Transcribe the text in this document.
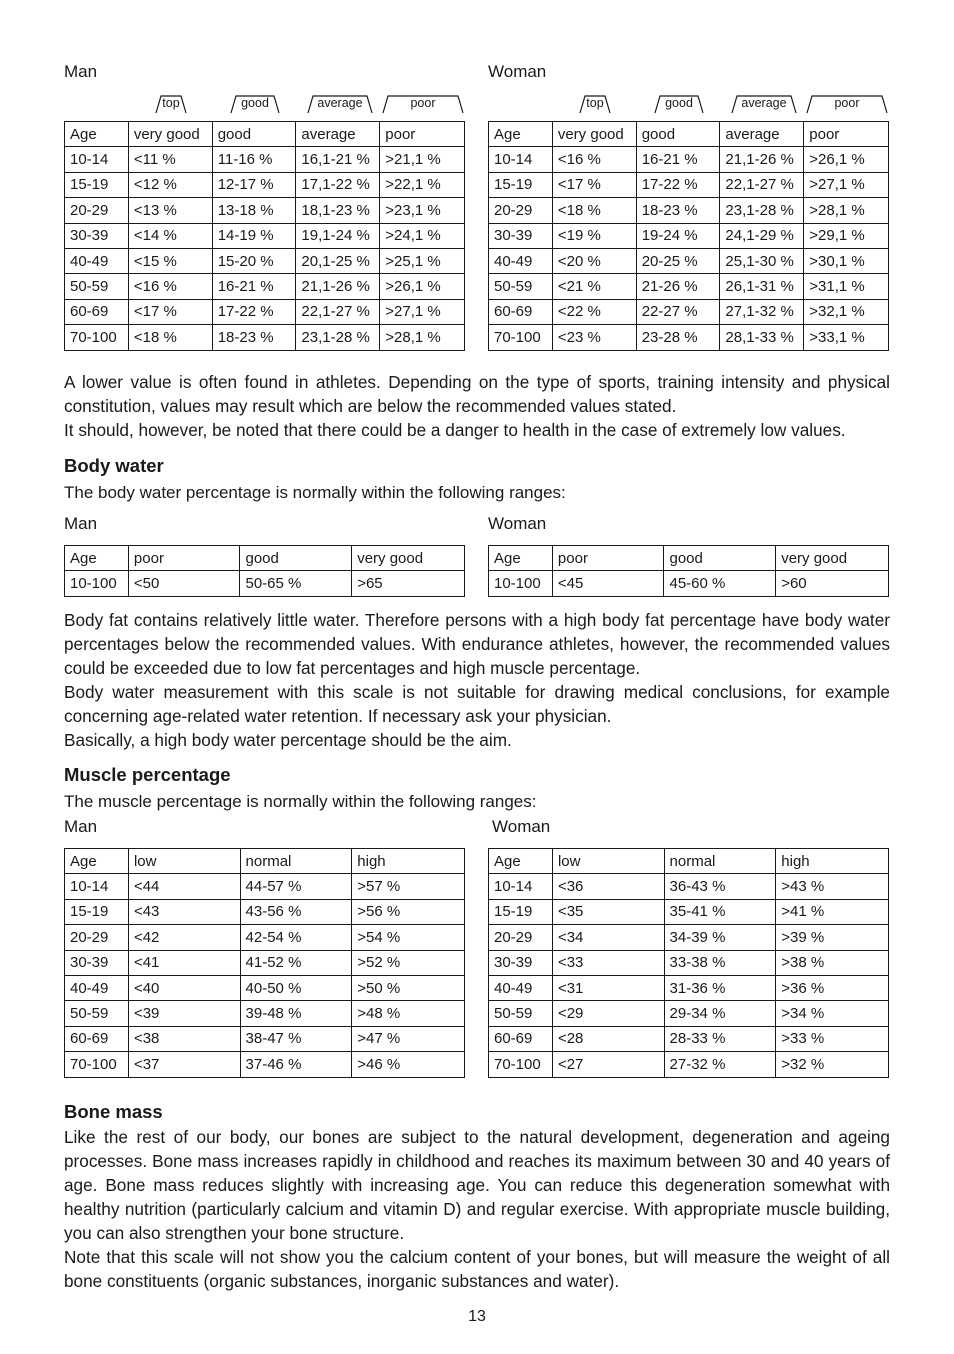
Man	Woman
top	good	average	poor	top	good	average	poor
Age	very good	good	average	poor
10-14	<11 %	11-16 %	16,1-21 %	>21,1 %
15-19	<12 %	12-17 %	17,1-22 %	>22,1 %
20-29	<13 %	13-18 %	18,1-23 %	>23,1 %
30-39	<14 %	14-19 %	19,1-24 %	>24,1 %
40-49	<15 %	15-20 %	20,1-25 %	>25,1 %
50-59	<16 %	16-21 %	21,1-26 %	>26,1 %
60-69	<17 %	17-22 %	22,1-27 %	>27,1 %
70-100	<18 %	18-23 %	23,1-28 %	>28,1 %
Age	very good	good	average	poor
10-14	<16 %	16-21 %	21,1-26 %	>26,1 %
15-19	<17 %	17-22 %	22,1-27 %	>27,1 %
20-29	<18 %	18-23 %	23,1-28 %	>28,1 %
30-39	<19 %	19-24 %	24,1-29 %	>29,1 %
40-49	<20 %	20-25 %	25,1-30 %	>30,1 %
50-59	<21 %	21-26 %	26,1-31 %	>31,1 %
60-69	<22 %	22-27 %	27,1-32 %	>32,1 %
70-100	<23 %	23-28 %	28,1-33 %	>33,1 %

A lower value is often found in athletes. Depending on the type of sports, training intensity and physical constitution, values may result which are below the recommended values stated.

It should, however, be noted that there could be a danger to health in the case of extremely low values.

Body water
The body water percentage is normally within the following ranges:
Man	Woman
Age	poor	good	very good
10-100	<50	50-65 %	>65
Age	poor	good	very good
10-100	<45	45-60 %	>60

Body fat contains relatively little water. Therefore persons with a high body fat percentage have body water percentages below the recommended values. With endurance athletes, however, the recommended values could be exceeded due to low fat percentages and high muscle percentage.

Body water measurement with this scale is not suitable for drawing medical conclusions, for example concerning age-related water retention. If necessary ask your physician.

Basically, a high body water percentage should be the aim.

Muscle percentage
The muscle percentage is normally within the following ranges:
Man	Woman
Age	low	normal	high
10-14	<44	44-57 %	>57 %
15-19	<43	43-56 %	>56 %
20-29	<42	42-54 %	>54 %
30-39	<41	41-52 %	>52 %
40-49	<40	40-50 %	>50 %
50-59	<39	39-48 %	>48 %
60-69	<38	38-47 %	>47 %
70-100	<37	37-46 %	>46 %
Age	low	normal	high
10-14	<36	36-43 %	>43 %
15-19	<35	35-41 %	>41 %
20-29	<34	34-39 %	>39 %
30-39	<33	33-38 %	>38 %
40-49	<31	31-36 %	>36 %
50-59	<29	29-34 %	>34 %
60-69	<28	28-33 %	>33 %
70-100	<27	27-32 %	>32 %
Bone mass

Like the rest of our body, our bones are subject to the natural development, degeneration and ageing processes. Bone mass increases rapidly in childhood and reaches its maximum between 30 and 40 years of age. Bone mass reduces slightly with increasing age. You can reduce this degeneration somewhat with healthy nutrition (particularly calcium and vitamin D) and regular exercise. With appropriate muscle building, you can also strengthen your bone structure.

Note that this scale will not show you the calcium content of your bones, but will measure the weight of all bone constituents (organic substances, inorganic substances and water).

13
